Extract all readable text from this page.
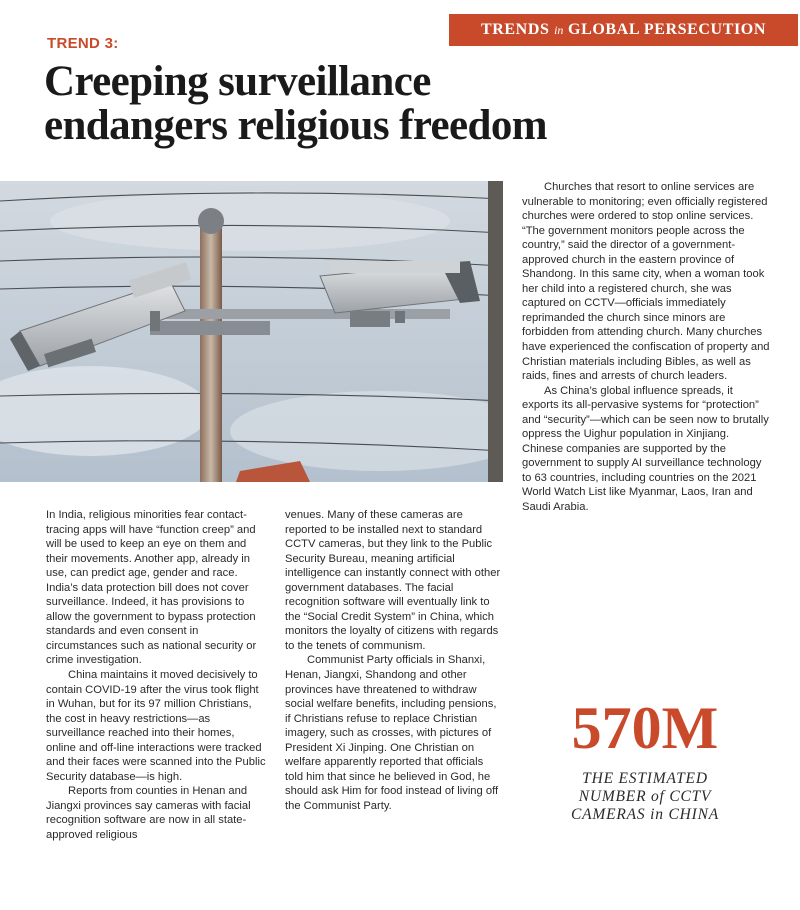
TRENDS in GLOBAL PERSECUTION
TREND 3:
Creeping surveillance
endangers religious freedom

In India, religious minorities fear contact-tracing apps will have “function creep” and will be used to keep an eye on them and their movements. Another app, already in use, can predict age, gender and race. India’s data protection bill does not cover surveillance. Indeed, it has provisions to allow the government to bypass protection standards and even consent in circumstances such as national security or crime investigation.

China maintains it moved decisively to contain COVID-19 after the virus took flight in Wuhan, but for its 97 million Christians, the cost in heavy restrictions—as surveillance reached into their homes, online and off-line interactions were tracked and their faces were scanned into the Public Security database—is high.

Reports from counties in Henan and Jiangxi provinces say cameras with facial recognition software are now in all state-approved religious

venues. Many of these cameras are reported to be installed next to standard CCTV cameras, but they link to the Public Security Bureau, meaning artificial intelligence can instantly connect with other government databases. The facial recognition software will eventually link to the “Social Credit System” in China, which monitors the loyalty of citizens with regards to the tenets of communism.

Communist Party officials in Shanxi, Henan, Jiangxi, Shandong and other provinces have threatened to withdraw social welfare benefits, including pensions, if Christians refuse to replace Christian imagery, such as crosses, with pictures of President Xi Jinping. One Christian on welfare apparently reported that officials told him that since he believed in God, he should ask Him for food instead of living off the Communist Party.

Churches that resort to online services are vulnerable to monitoring; even officially registered churches were ordered to stop online services. “The government monitors people across the country,” said the director of a government-approved church in the eastern province of Shandong. In this same city, when a woman took her child into a registered church, she was captured on CCTV—officials immediately reprimanded the church since minors are forbidden from attending church. Many churches have experienced the confiscation of property and Christian materials including Bibles, as well as raids, fines and arrests of church leaders.

As China’s global influence spreads, it exports its all-pervasive systems for “protection” and “security”—which can be seen now to brutally oppress the Uighur population in Xinjiang. Chinese companies are supported by the government to supply AI surveillance technology to 63 countries, including countries on the 2021 World Watch List like Myanmar, Laos, Iran and Saudi Arabia.

570M
THE ESTIMATED
NUMBER of CCTV
CAMERAS in CHINA
